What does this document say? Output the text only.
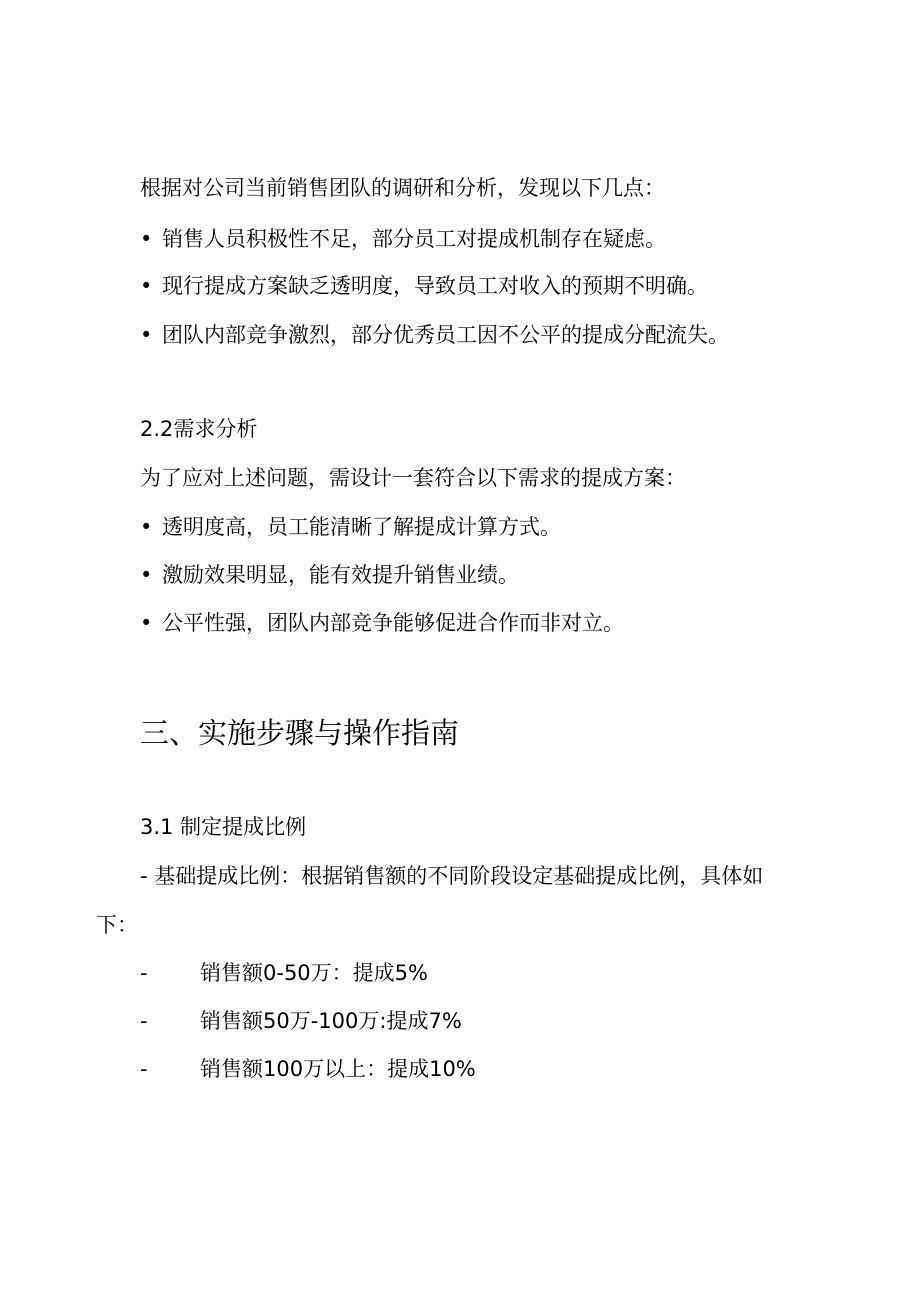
根据对公司当前销售团队的调研和分析，发现以下几点：
• 销售人员积极性不足，部分员工对提成机制存在疑虑。
• 现行提成方案缺乏透明度，导致员工对收入的预期不明确。
• 团队内部竞争激烈，部分优秀员工因不公平的提成分配流失。
2.2需求分析
为了应对上述问题，需设计一套符合以下需求的提成方案：
• 透明度高，员工能清晰了解提成计算方式。
• 激励效果明显，能有效提升销售业绩。
• 公平性强，团队内部竞争能够促进合作而非对立。
三、实施步骤与操作指南
3.1 制定提成比例
- 基础提成比例：根据销售额的不同阶段设定基础提成比例，具体如
下：
- 销售额0-50万：提成5%
- 销售额50万-100万:提成7%
- 销售额100万以上：提成10%
